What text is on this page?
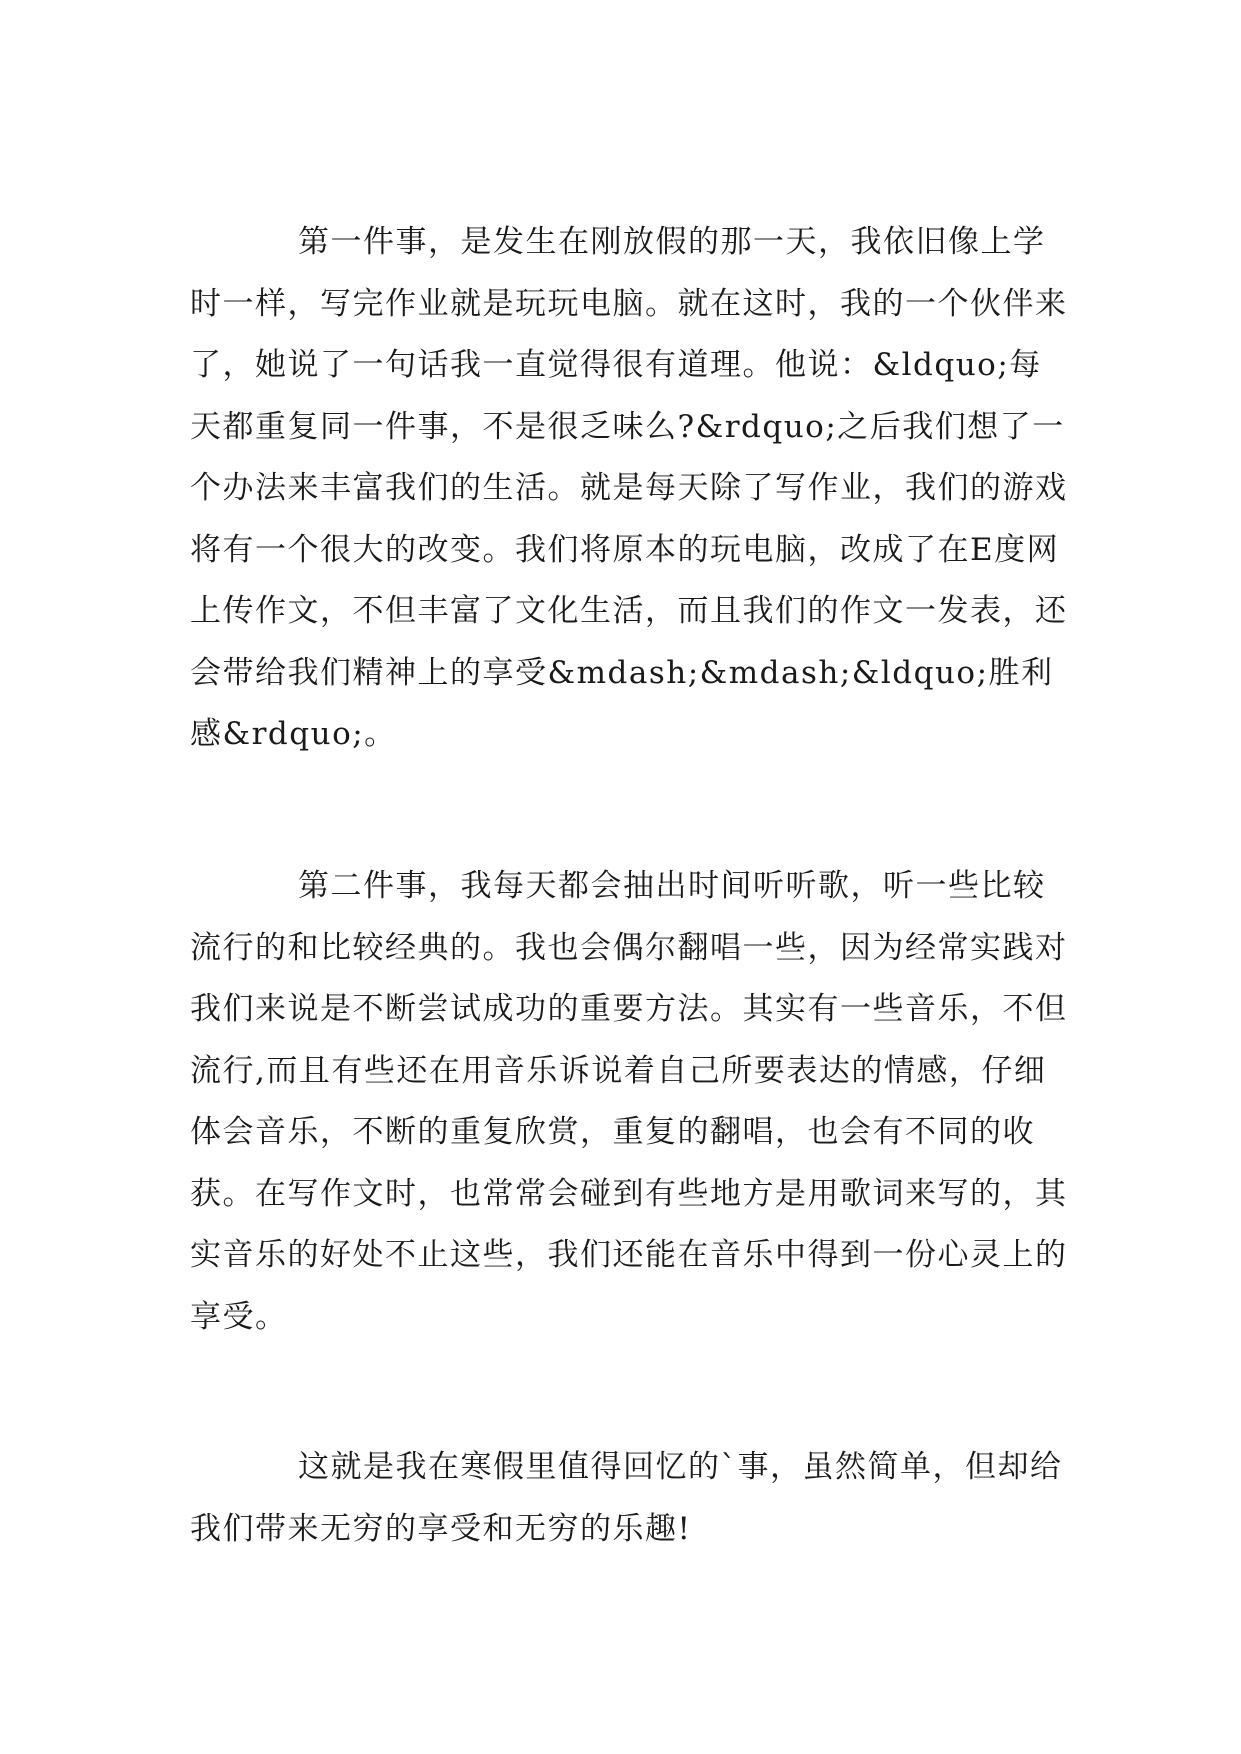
第一件事，是发生在刚放假的那一天，我依旧像上学时一样，写完作业就是玩玩电脑。就在这时，我的一个伙伴来了，她说了一句话我一直觉得很有道理。他说：&ldquo;每天都重复同一件事，不是很乏味么?&rdquo;之后我们想了一个办法来丰富我们的生活。就是每天除了写作业，我们的游戏将有一个很大的改变。我们将原本的玩电脑，改成了在E度网上传作文，不但丰富了文化生活，而且我们的作文一发表，还会带给我们精神上的享受&mdash;&mdash;&ldquo;胜利感&rdquo;。

第二件事，我每天都会抽出时间听听歌，听一些比较流行的和比较经典的。我也会偶尔翻唱一些，因为经常实践对我们来说是不断尝试成功的重要方法。其实有一些音乐，不但流行,而且有些还在用音乐诉说着自己所要表达的情感，仔细体会音乐，不断的重复欣赏，重复的翻唱，也会有不同的收获。在写作文时，也常常会碰到有些地方是用歌词来写的，其实音乐的好处不止这些，我们还能在音乐中得到一份心灵上的享受。

这就是我在寒假里值得回忆的`事，虽然简单，但却给我们带来无穷的享受和无穷的乐趣!
